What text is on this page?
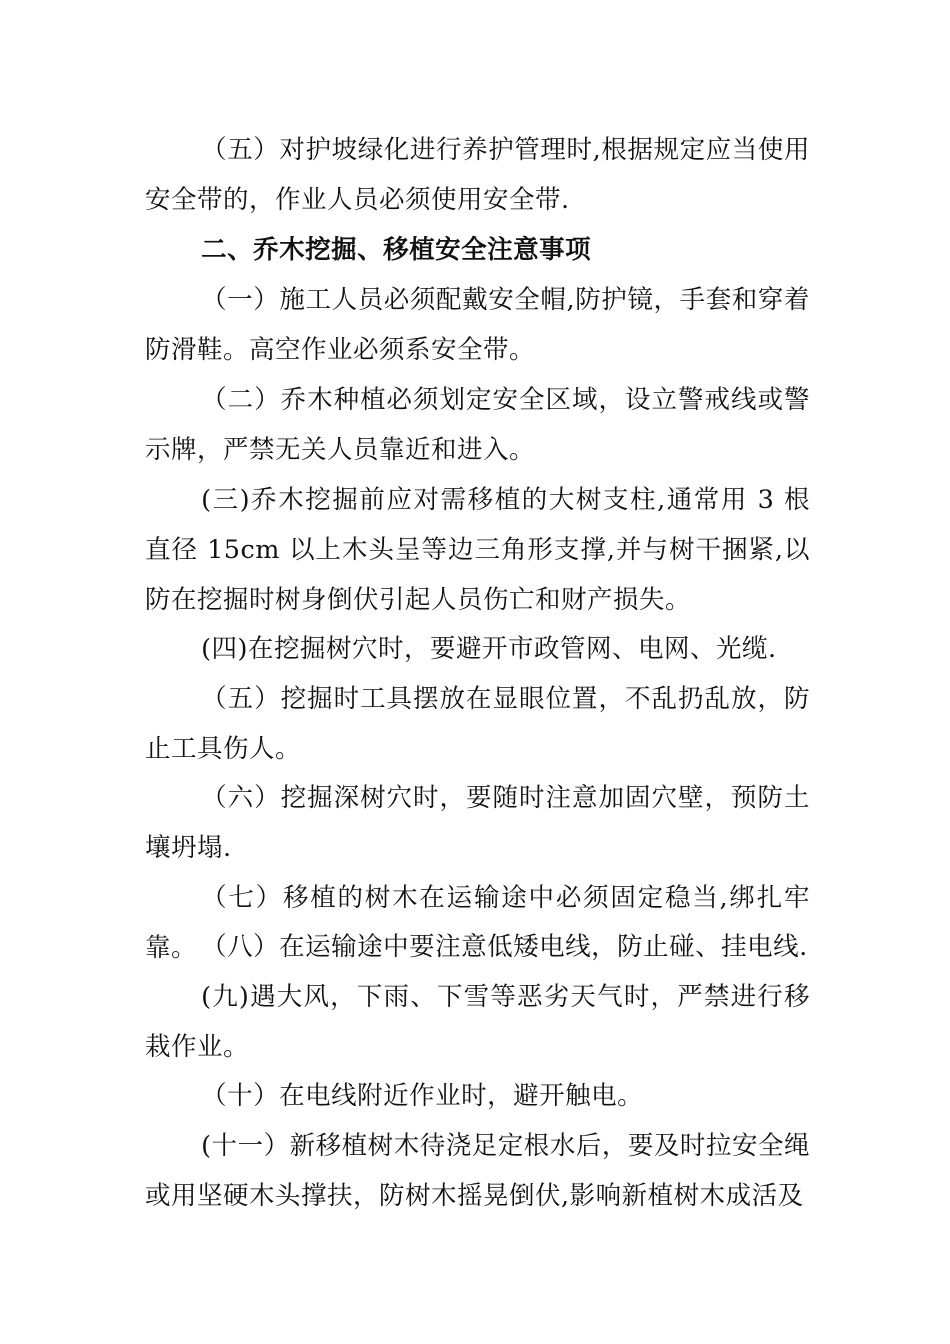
（五）对护坡绿化进行养护管理时,根据规定应当使用安全带的，作业人员必须使用安全带.

二、乔木挖掘、移植安全注意事项

（一）施工人员必须配戴安全帽,防护镜，手套和穿着防滑鞋。高空作业必须系安全带。

（二）乔木种植必须划定安全区域，设立警戒线或警示牌，严禁无关人员靠近和进入。

(三)乔木挖掘前应对需移植的大树支柱,通常用 3 根直径 15cm 以上木头呈等边三角形支撑,并与树干捆紧,以防在挖掘时树身倒伏引起人员伤亡和财产损失。

(四)在挖掘树穴时，要避开市政管网、电网、光缆.

（五）挖掘时工具摆放在显眼位置，不乱扔乱放，防止工具伤人。

（六）挖掘深树穴时，要随时注意加固穴壁，预防土壤坍塌.

（七）移植的树木在运输途中必须固定稳当,绑扎牢靠。 （八）在运输途中要注意低矮电线，防止碰、挂电线.

(九)遇大风，下雨、下雪等恶劣天气时，严禁进行移栽作业。

（十）在电线附近作业时，避开触电。

(十一）新移植树木待浇足定根水后，要及时拉安全绳或用坚硬木头撑扶，防树木摇晃倒伏,影响新植树木成活及
